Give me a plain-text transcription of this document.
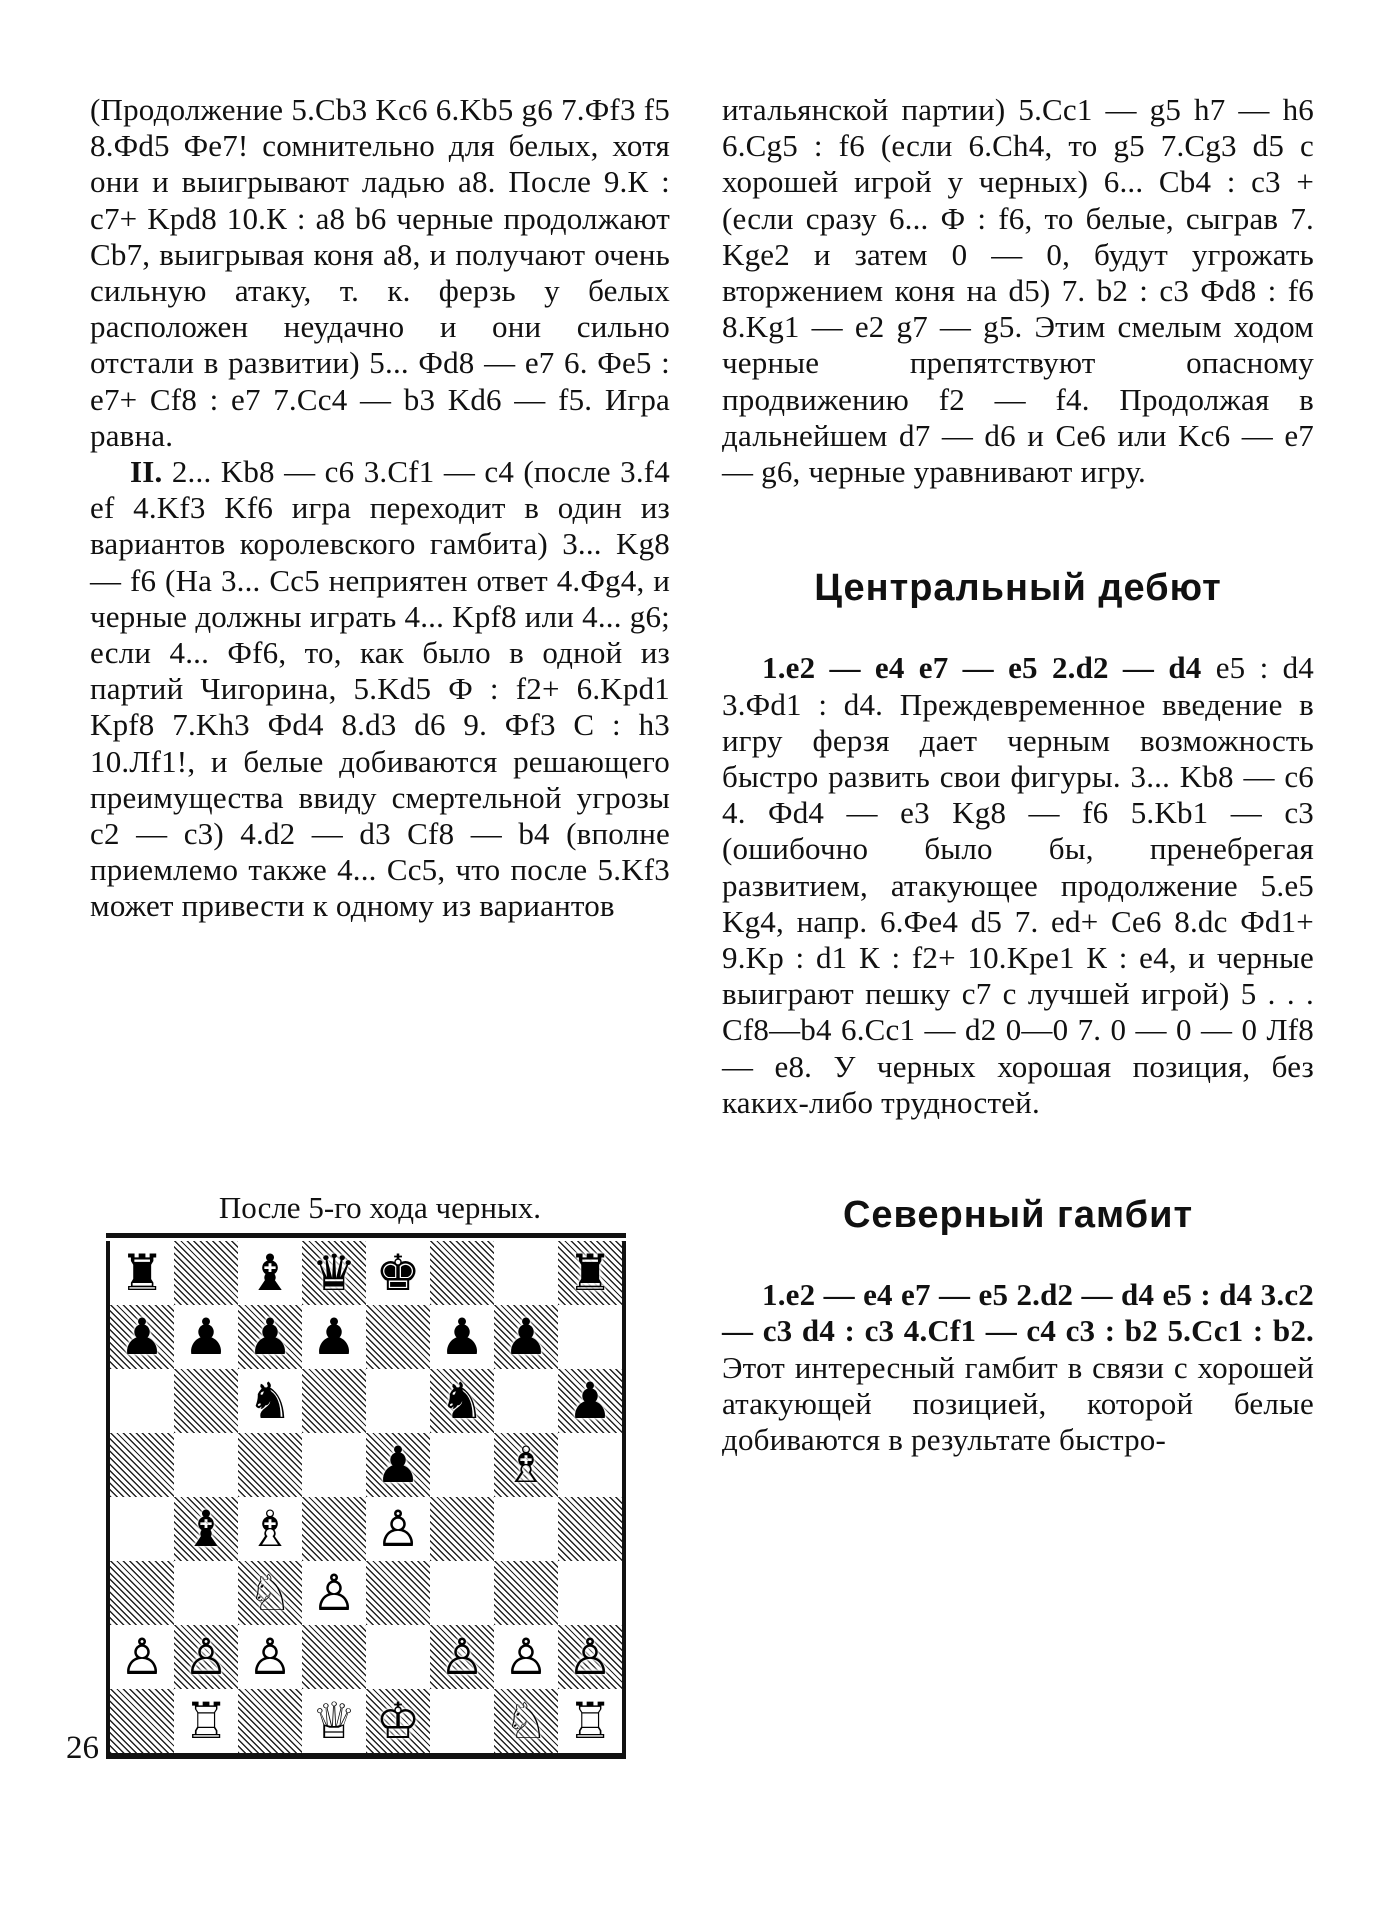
(Продолжение 5.Cb3 Kc6 6.Kb5 g6 7.Фf3 f5 8.Фd5 Фe7! сомнительно для белых, хотя они и выигрывают ладью a8. После 9.К : c7+ Kpd8 10.К : a8 b6 черные продолжают Cb7, выигрывая коня a8, и получают очень сильную атаку, т. к. ферзь у белых расположен неудачно и они сильно отстали в развитии) 5... Фd8 — e7 6. Фe5 : e7+ Cf8 : e7 7.Cc4 — b3 Kd6 — f5. Игра равна.

II. 2... Kb8 — c6 3.Cf1 — c4 (после 3.f4 ef 4.Kf3 Kf6 игра переходит в один из вариантов королевского гамбита) 3... Kg8 — f6 (На 3... Cc5 неприятен ответ 4.Фg4, и черные должны играть 4... Kpf8 или 4... g6; если 4... Фf6, то, как было в одной из партий Чигорина, 5.Kd5 Ф : f2+ 6.Kpd1 Kpf8 7.Kh3 Фd4 8.d3 d6 9. Фf3 C : h3 10.Лf1!, и белые добиваются решающего преимущества ввиду смертельной угрозы c2 — c3) 4.d2 — d3 Cf8 — b4 (вполне приемлемо также 4... Cc5, что после 5.Kf3 может привести к одному из вариантов

После 5-го хода черных.
♜ ♝ ♛ ♚	♜
♟ ♟ ♟ ♟ ♟ ♟
♞	♞ ♟
♟ ♗
♝ ♗ ♙
♘ ♙
♙ ♙ ♙	♙ ♙ ♙
♖ ♕ ♔ ♘ ♖
26

итальянской партии) 5.Cc1 — g5 h7 — h6 6.Cg5 : f6 (если 6.Ch4, то g5 7.Cg3 d5 с хорошей игрой у черных) 6... Cb4 : c3 + (если сразу 6... Ф : f6, то белые, сыграв 7. Kge2 и затем 0 — 0, будут угрожать вторжением коня на d5) 7. b2 : c3 Фd8 : f6 8.Kg1 — e2 g7 — g5. Этим смелым ходом черные препятствуют опасному продвижению f2 — f4. Продолжая в дальнейшем d7 — d6 и Ce6 или Kc6 — e7 — g6, черные уравнивают игру.

Центральный дебют

1.e2 — e4 e7 — e5 2.d2 — d4 e5 : d4 3.Фd1 : d4. Преждевременное введение в игру ферзя дает черным возможность быстро развить свои фигуры. 3... Kb8 — c6 4. Фd4 — e3 Kg8 — f6 5.Kb1 — c3 (ошибочно было бы, пренебрегая развитием, атакующее продолжение 5.e5 Kg4, напр. 6.Фe4 d5 7. ed+ Ce6 8.dc Фd1+ 9.Kp : d1 К : f2+ 10.Kpe1 К : e4, и черные выиграют пешку c7 с лучшей игрой) 5 . . . Cf8—b4 6.Cc1 — d2 0—0 7. 0 — 0 — 0 Лf8 — e8. У черных хорошая позиция, без каких-либо трудностей.

Северный гамбит

1.e2 — e4 e7 — e5 2.d2 — d4 e5 : d4 3.c2 — c3 d4 : c3 4.Cf1 — c4 c3 : b2 5.Cc1 : b2. Этот интересный гамбит в связи с хорошей атакующей позицией, которой белые добиваются в результате быстро-
